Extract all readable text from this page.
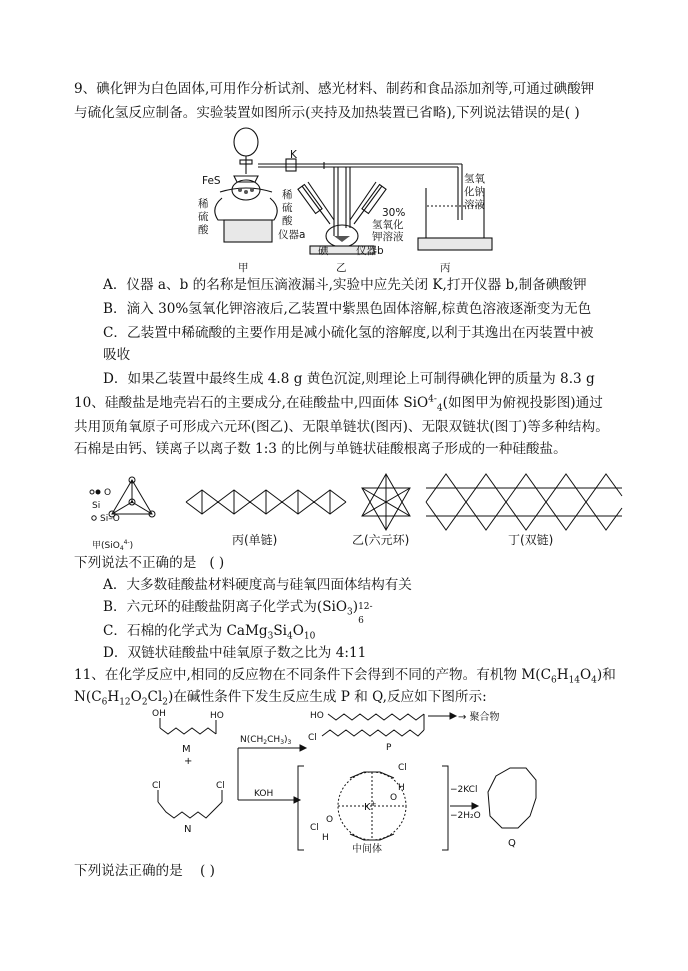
9、碘化钾为白色固体,可用作分析试剂、感光材料、制药和食品添加剂等,可通过碘酸钾
与硫化氢反应制备。实验装置如图所示(夹持及加热装置已省略),下列说法错误的是( )
FeS
稀
硫
酸
K
稀
硫
酸
仪器a
碘
30%
氢氧化
钾溶液
仪器b
氢氧
化钠
溶液
甲	乙	丙
A．仪器 a、b 的名称是恒压滴液漏斗,实验中应先关闭 K,打开仪器 b,制备碘酸钾
B．滴入 30%氢氧化钾溶液后,乙装置中紫黑色固体溶解,棕黄色溶液逐渐变为无色
C．乙装置中稀硫酸的主要作用是减小硫化氢的溶解度,以利于其逸出在丙装置中被
吸收
D．如果乙装置中最终生成 4.8 g 黄色沉淀,则理论上可制得碘化钾的质量为 8.3 g
10、硅酸盐是地壳岩石的主要成分,在硅酸盐中,四面体 SiO$^{4-}_4$(如图甲为俯视投影图)通过
共用顶角氧原子可形成六元环(图乙)、无限单链状(图丙)、无限双链状(图丁)等多种结构。
石棉是由钙、镁离子以离子数 1:3 的比例与单链状硅酸根离子形成的一种硅酸盐。
O
Si
Si–O
甲(SiO$_4^{4-}$)	丙(单链)	乙(六元环)	丁(双链)
下列说法不正确的是 ( )
A．大多数硅酸盐材料硬度高与硅氧四面体结构有关
B．六元环的硅酸盐阴离子化学式为(SiO$_3$) 12-
6
C．石棉的化学式为 $CaMg_3Si_4O_{10}$
D．双链状硅酸盐中硅氧原子数之比为 4:11
11、在化学反应中,相同的反应物在不同条件下会得到不同的产物。有机物 $M(C_6H_{14}O_4)$和
$N(C_6H_{12}O_2Cl_2)$在碱性条件下发生反应生成 P 和 Q,反应如下图所示:
OH	HO
M
+
Cl	Cl
N
$N(CH_2CH_3)_3$
KOH
HO
Cl
P
→ 聚合物
Cl
Cl
H
H
O
O
K+
中间体
−2KCl
−2H₂O
Q
下列说法正确的是 ( )
